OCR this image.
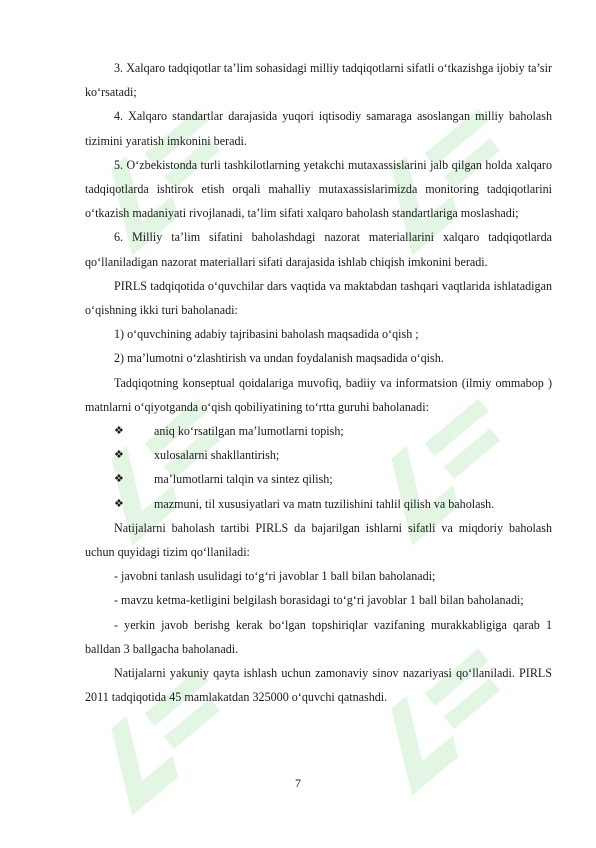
3. Xalqaro tadqiqotlar ta’lim sohasidagi milliy tadqiqotlarni sifatli o‘tkazishga ijobiy ta’sir ko‘rsatadi;

4. Xalqaro standartlar darajasida yuqori iqtisodiy samaraga asoslangan milliy baholash tizimini yaratish imkonini beradi.

5. O‘zbekistonda turli tashkilotlarning yetakchi mutaxassislarini jalb qilgan holda xalqaro tadqiqotlarda ishtirok etish orqali mahalliy mutaxassislarimizda monitoring tadqiqotlarini o‘tkazish madaniyati rivojlanadi, ta’lim sifati xalqaro baholash standartlariga moslashadi;

6. Milliy ta’lim sifatini baholashdagi nazorat materiallarini xalqaro tadqiqotlarda qo‘llaniladigan nazorat materiallari sifati darajasida ishlab chiqish imkonini beradi.

PIRLS tadqiqotida o‘quvchilar dars vaqtida va maktabdan tashqari vaqtlarida ishlatadigan o‘qishning ikki turi baholanadi:

1) o‘quvchining adabiy tajribasini baholash maqsadida o‘qish ;

2) ma’lumotni o‘zlashtirish va undan foydalanish maqsadida o‘qish.

Tadqiqotning konseptual qoidalariga muvofiq, badiiy va informatsion (ilmiy ommabop ) matnlarni o‘qiyotganda o‘qish qobiliyatining to‘rtta guruhi baholanadi:

❖	aniq ko‘rsatilgan ma’lumotlarni topish;
❖	xulosalarni shakllantirish;
❖	ma’lumotlarni talqin va sintez qilish;
❖	mazmuni, til xususiyatlari va matn tuzilishini tahlil qilish va baholash.

Natijalarni baholash tartibi PIRLS da bajarilgan ishlarni sifatli va miqdoriy baholash uchun quyidagi tizim qo‘llaniladi:

- javobni tanlash usulidagi to‘g‘ri javoblar 1 ball bilan baholanadi;

- mavzu ketma-ketligini belgilash borasidagi to‘g‘ri javoblar 1 ball bilan baholanadi;

- yerkin javob berishg kerak bo‘lgan topshiriqlar vazifaning murakkabligiga qarab 1 balldan 3 ballgacha baholanadi.

Natijalarni yakuniy qayta ishlash uchun zamonaviy sinov nazariyasi qo‘llaniladi. PIRLS 2011 tadqiqotida 45 mamlakatdan 325000 o‘quvchi qatnashdi.

7
